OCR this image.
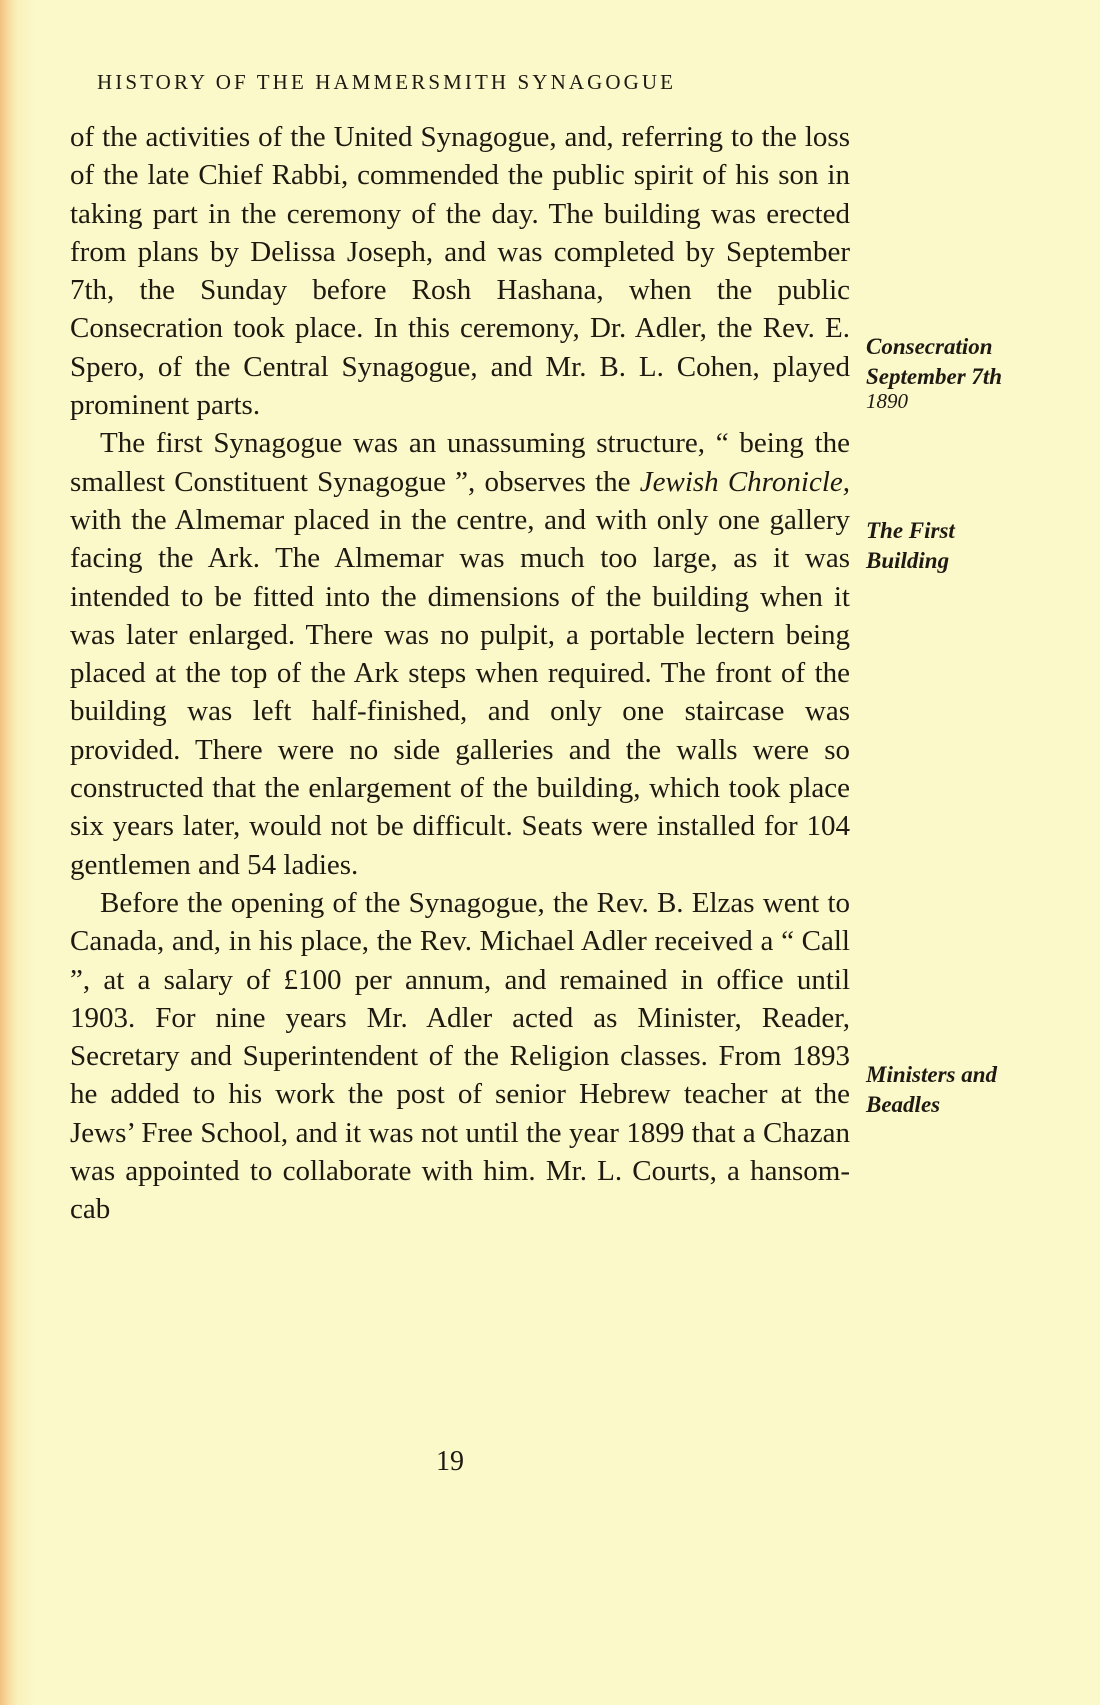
HISTORY OF THE HAMMERSMITH SYNAGOGUE

of the activities of the United Synagogue, and, referring to the loss of the late Chief Rabbi, commended the public spirit of his son in taking part in the ceremony of the day. The building was erected from plans by Delissa Joseph, and was completed by September 7th, the Sunday before Rosh Hashana, when the public Consecration took place. In this ceremony, Dr. Adler, the Rev. E. Spero, of the Central Synagogue, and Mr. B. L. Cohen, played prominent parts.

The first Synagogue was an unassuming structure, “ being the smallest Constituent Synagogue ”, observes the Jewish Chronicle, with the Almemar placed in the centre, and with only one gallery facing the Ark. The Almemar was much too large, as it was intended to be fitted into the dimensions of the building when it was later enlarged. There was no pulpit, a portable lectern being placed at the top of the Ark steps when required. The front of the building was left half-finished, and only one staircase was provided. There were no side galleries and the walls were so constructed that the enlargement of the building, which took place six years later, would not be difficult. Seats were installed for 104 gentlemen and 54 ladies.

Before the opening of the Synagogue, the Rev. B. Elzas went to Canada, and, in his place, the Rev. Michael Adler received a “ Call ”, at a salary of £100 per annum, and remained in office until 1903. For nine years Mr. Adler acted as Minister, Reader, Secretary and Superintendent of the Religion classes. From 1893 he added to his work the post of senior Hebrew teacher at the Jews’ Free School, and it was not until the year 1899 that a Chazan was appointed to collaborate with him. Mr. L. Courts, a hansom-cab

Consecration
September 7th
1890
The First
Building
Ministers and
Beadles
19
